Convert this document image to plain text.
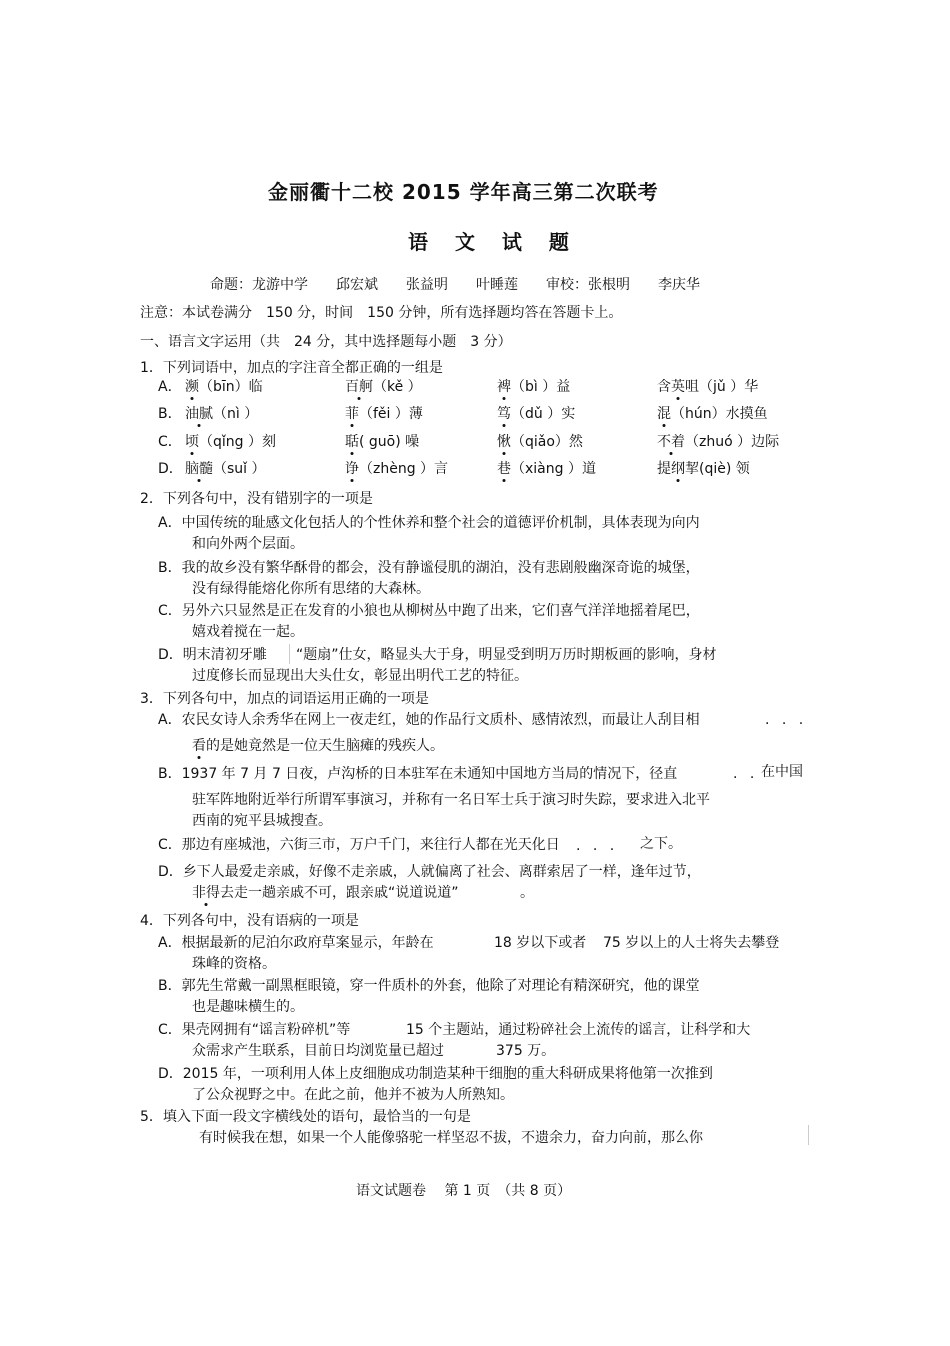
金丽衢十二校 2015 学年高三第二次联考
语 文 试 题
命题：龙游中学　　邱宏斌　　张益明　　叶睡莲　　审校：张根明　　李庆华
注意：本试卷满分　150 分，时间　150 分钟，所有选择题均答在答题卡上。
一、语言文字运用（共　24 分，其中选择题每小题　3 分）
1．下列词语中，加点的字注音全都正确的一组是
A． 濒（bīn）临	百舸（kě ）	裨（bì ）益	含英咀（jǔ ）华
B． 油腻（nì ）	菲（fěi ）薄	笃（dǔ ）实	混（hún）水摸鱼
C． 顷（qǐng ）刻	聒( guō) 噪	愀（qiǎo）然	不着（zhuó ）边际
D． 脑髓（suǐ ）	诤（zhèng ）言	巷（xiàng ）道	提纲挈(qiè) 领
2．下列各句中，没有错别字的一项是
A．中国传统的耻感文化包括人的个性休养和整个社会的道德评价机制，具体表现为向内
和向外两个层面。
B．我的故乡没有繁华酥骨的都会，没有静谧侵肌的湖泊，没有悲剧般幽深奇诡的城堡，
没有绿得能熔化你所有思绪的大森林。
C．另外六只显然是正在发育的小狼也从柳树丛中跑了出来，它们喜气洋洋地摇着尾巴，
嬉戏着搅在一起。
D．明末清初牙雕 “题扇”仕女，略显头大于身，明显受到明万历时期板画的影响，身材
过度修长而显现出大头仕女，彰显出明代工艺的特征。
3．下列各句中，加点的词语运用正确的一项是
A．农民女诗人余秀华在网上一夜走红，她的作品行文质朴、感情浓烈，而最让人刮目相	· · ·
看的是她竟然是一位天生脑瘫的残疾人。
B．1937 年 7 月 7 日夜，卢沟桥的日本驻军在未通知中国地方当局的情况下，径直	· · 在中国
驻军阵地附近举行所谓军事演习，并称有一名日军士兵于演习时失踪，要求进入北平
西南的宛平县城搜查。
C．那边有座城池，六街三市，万户千门，来往行人都在光天化日 · · · 之下。
D．乡下人最爱走亲戚，好像不走亲戚，人就偏离了社会、离群索居了一样，逢年过节，
非得去走一趟亲戚不可，跟亲戚“说道说道”	。
4．下列各句中，没有语病的一项是
A．根据最新的尼泊尔政府草案显示，年龄在	18 岁以下或者 75 岁以上的人士将失去攀登
珠峰的资格。
B．郭先生常戴一副黑框眼镜，穿一件质朴的外套，他除了对理论有精深研究，他的课堂
也是趣味横生的。
C．果壳网拥有“谣言粉碎机”等	15 个主题站，通过粉碎社会上流传的谣言，让科学和大
众需求产生联系，目前日均浏览量已超过	375 万。
D．2015 年，一项利用人体上皮细胞成功制造某种干细胞的重大科研成果将他第一次推到
了公众视野之中。在此之前，他并不被为人所熟知。
5．填入下面一段文字横线处的语句，最恰当的一句是
有时候我在想，如果一个人能像骆驼一样坚忍不拔，不遗余力，奋力向前，那么你
语文试题卷　 第 1 页　（共 8 页）
